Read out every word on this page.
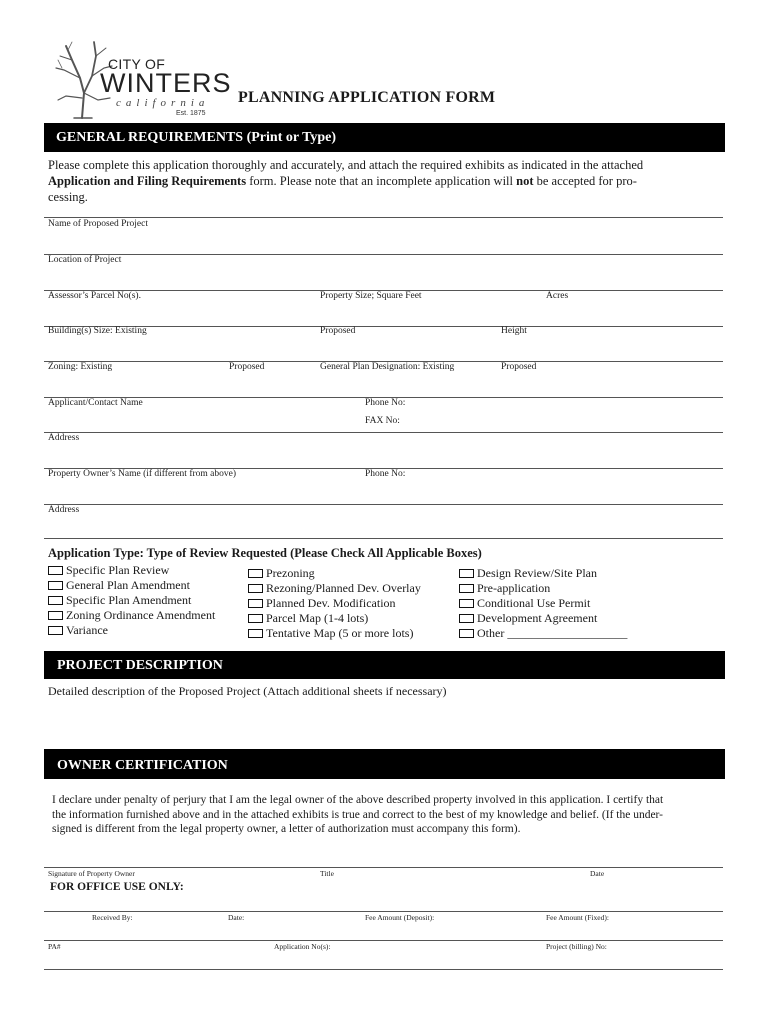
CITY OF
WINTERS
california
Est. 1875
PLANNING APPLICATION FORM
GENERAL REQUIREMENTS (Print or Type)
Please complete this application thoroughly and accurately, and attach the required exhibits as indicated in the attached
Application and Filing Requirements form. Please note that an incomplete application will not be accepted for pro-
cessing.
Name of Proposed Project
Location of Project
Assessor’s Parcel No(s).	Property Size; Square Feet	Acres
Building(s) Size: Existing	Proposed	Height
Zoning: Existing	Proposed	General Plan Designation: Existing	Proposed
Applicant/Contact Name	Phone No:
FAX No:
Address
Property Owner’s Name (if different from above)	Phone No:
Address
Application Type: Type of Review Requested (Please Check All Applicable Boxes)
Specific Plan Review
General Plan Amendment
Specific Plan Amendment
Zoning Ordinance Amendment
Variance
Prezoning
Rezoning/Planned Dev. Overlay
Planned Dev. Modification
Parcel Map (1-4 lots)
Tentative Map (5 or more lots)
Design Review/Site Plan
Pre-application
Conditional Use Permit
Development Agreement
Other ____________________
PROJECT DESCRIPTION
Detailed description of the Proposed Project (Attach additional sheets if necessary)
OWNER CERTIFICATION
I declare under penalty of perjury that I am the legal owner of the above described property involved in this application. I certify that
the information furnished above and in the attached exhibits is true and correct to the best of my knowledge and belief. (If the under-
signed is different from the legal property owner, a letter of authorization must accompany this form).
Signature of Property Owner	Title	Date
FOR OFFICE USE ONLY:
Received By:	Date:	Fee Amount (Deposit):	Fee Amount (Fixed):
PA#	Application No(s):	Project (billing) No:
